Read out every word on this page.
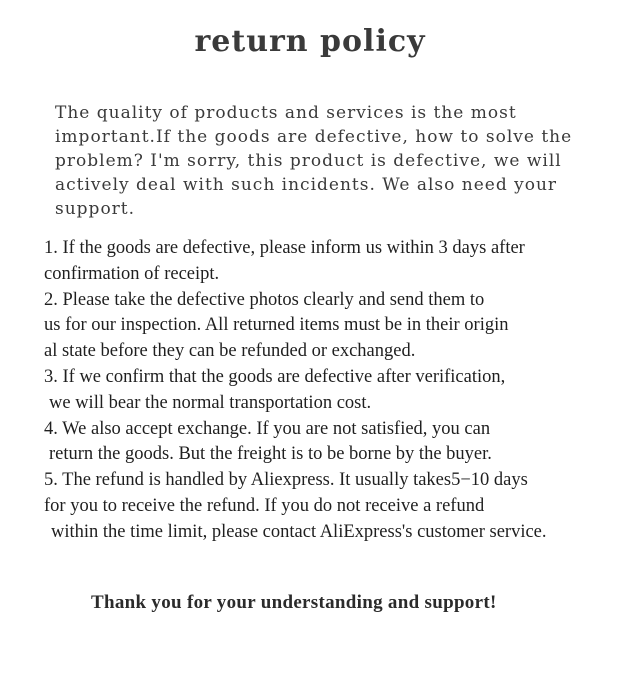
return policy
The quality of products and services is the most
important.If the goods are defective, how to solve the
problem? I'm sorry, this product is defective, we will
actively deal with such incidents. We also need your
support.
1. If the goods are defective, please inform us within 3 days after
confirmation of receipt.
2. Please take the defective photos clearly and send them to
us for our inspection. All returned items must be in their origin
al state before they can be refunded or exchanged.
3. If we confirm that the goods are defective after verification,
we will bear the normal transportation cost.
4. We also accept exchange. If you are not satisfied, you can
return the goods. But the freight is to be borne by the buyer.
5. The refund is handled by Aliexpress. It usually takes5−10 days
for you to receive the refund. If you do not receive a refund
within the time limit, please contact AliExpress's customer service.
Thank you for your understanding and support!
